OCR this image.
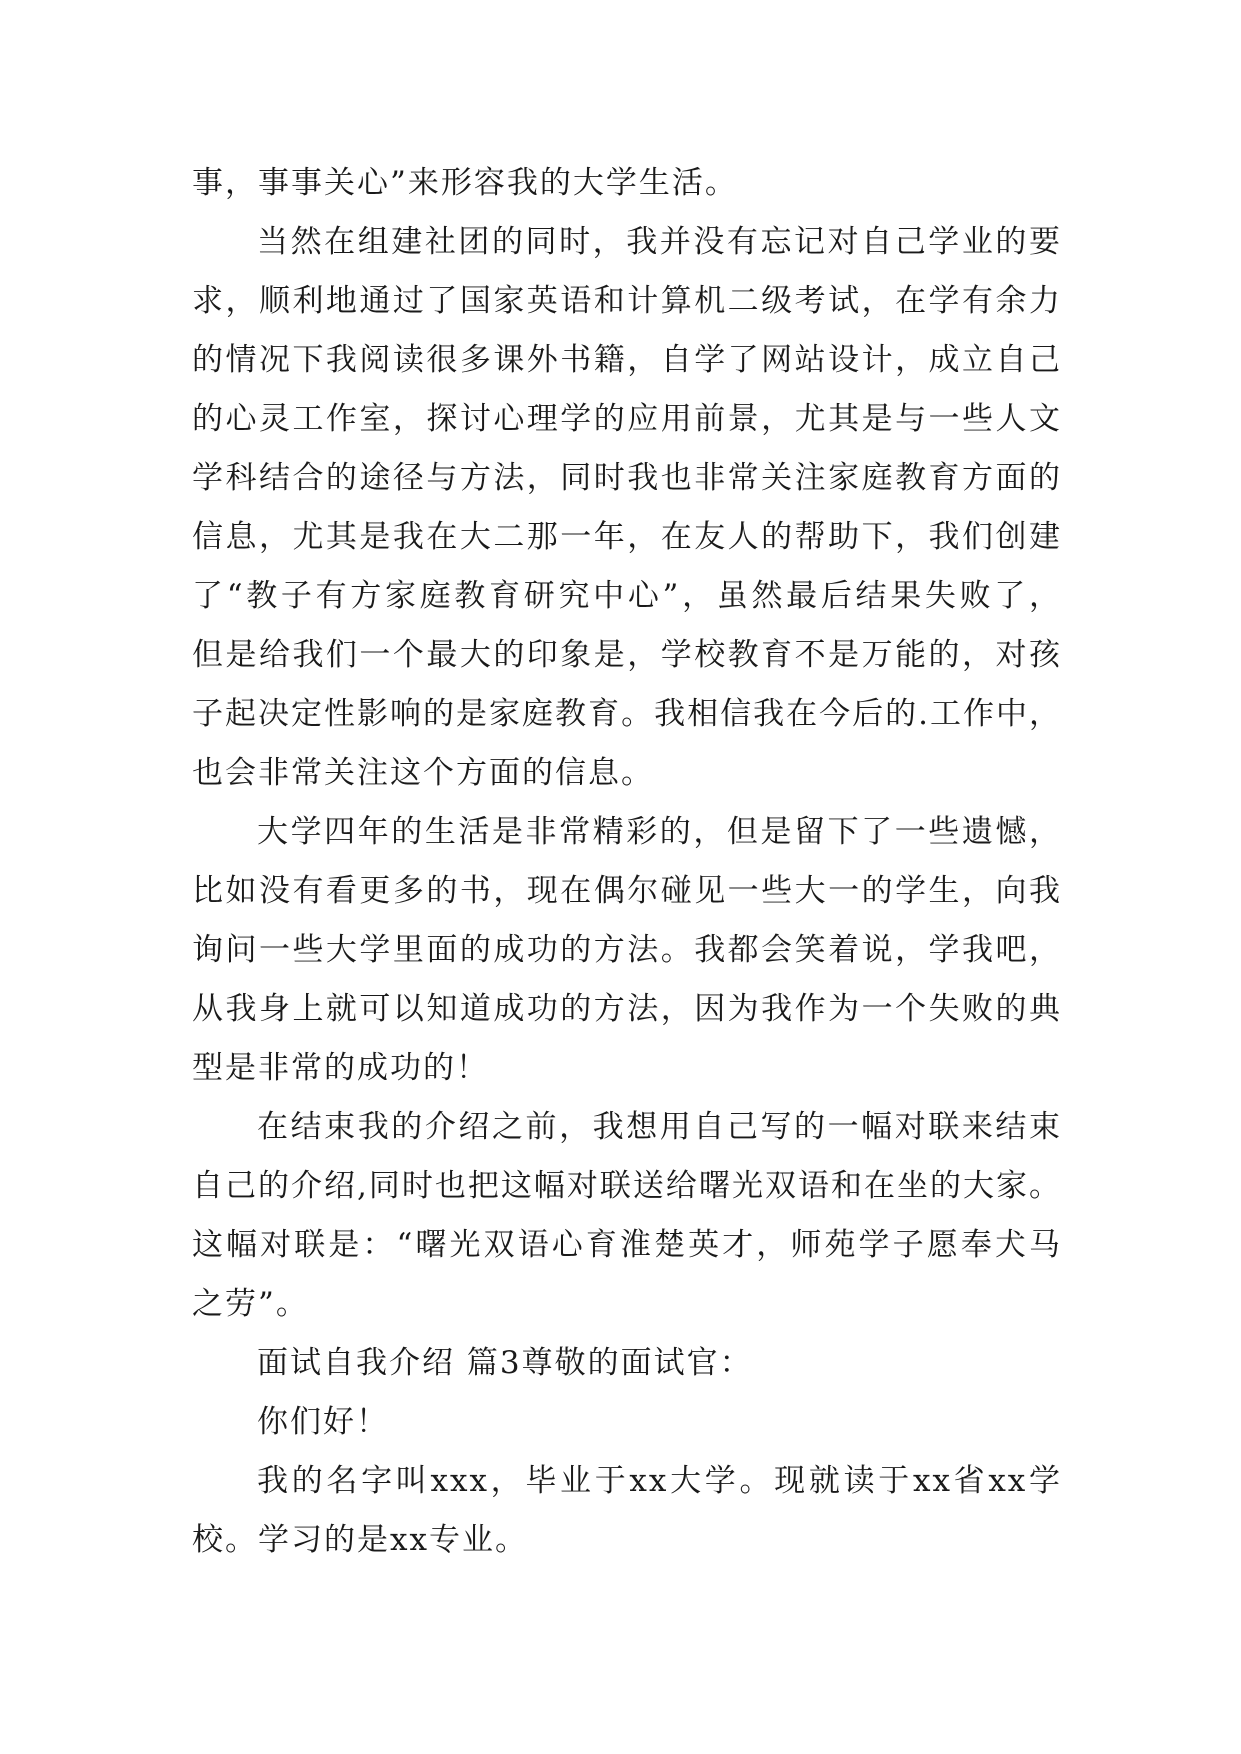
事，事事关心”来形容我的大学生活。
当然在组建社团的同时，我并没有忘记对自己学业的要
求，顺利地通过了国家英语和计算机二级考试，在学有余力
的情况下我阅读很多课外书籍，自学了网站设计，成立自己
的心灵工作室，探讨心理学的应用前景，尤其是与一些人文
学科结合的途径与方法，同时我也非常关注家庭教育方面的
信息，尤其是我在大二那一年，在友人的帮助下，我们创建
了“教子有方家庭教育研究中心”，虽然最后结果失败了，
但是给我们一个最大的印象是，学校教育不是万能的，对孩
子起决定性影响的是家庭教育。我相信我在今后的.工作中，
也会非常关注这个方面的信息。
大学四年的生活是非常精彩的，但是留下了一些遗憾，
比如没有看更多的书，现在偶尔碰见一些大一的学生，向我
询问一些大学里面的成功的方法。我都会笑着说，学我吧，
从我身上就可以知道成功的方法，因为我作为一个失败的典
型是非常的成功的！
在结束我的介绍之前，我想用自己写的一幅对联来结束
自己的介绍,同时也把这幅对联送给曙光双语和在坐的大家。
这幅对联是：“曙光双语心育淮楚英才，师苑学子愿奉犬马
之劳”。
面试自我介绍 篇3尊敬的面试官：
你们好！
我的名字叫xxx，毕业于xx大学。现就读于xx省xx学
校。学习的是xx专业。
